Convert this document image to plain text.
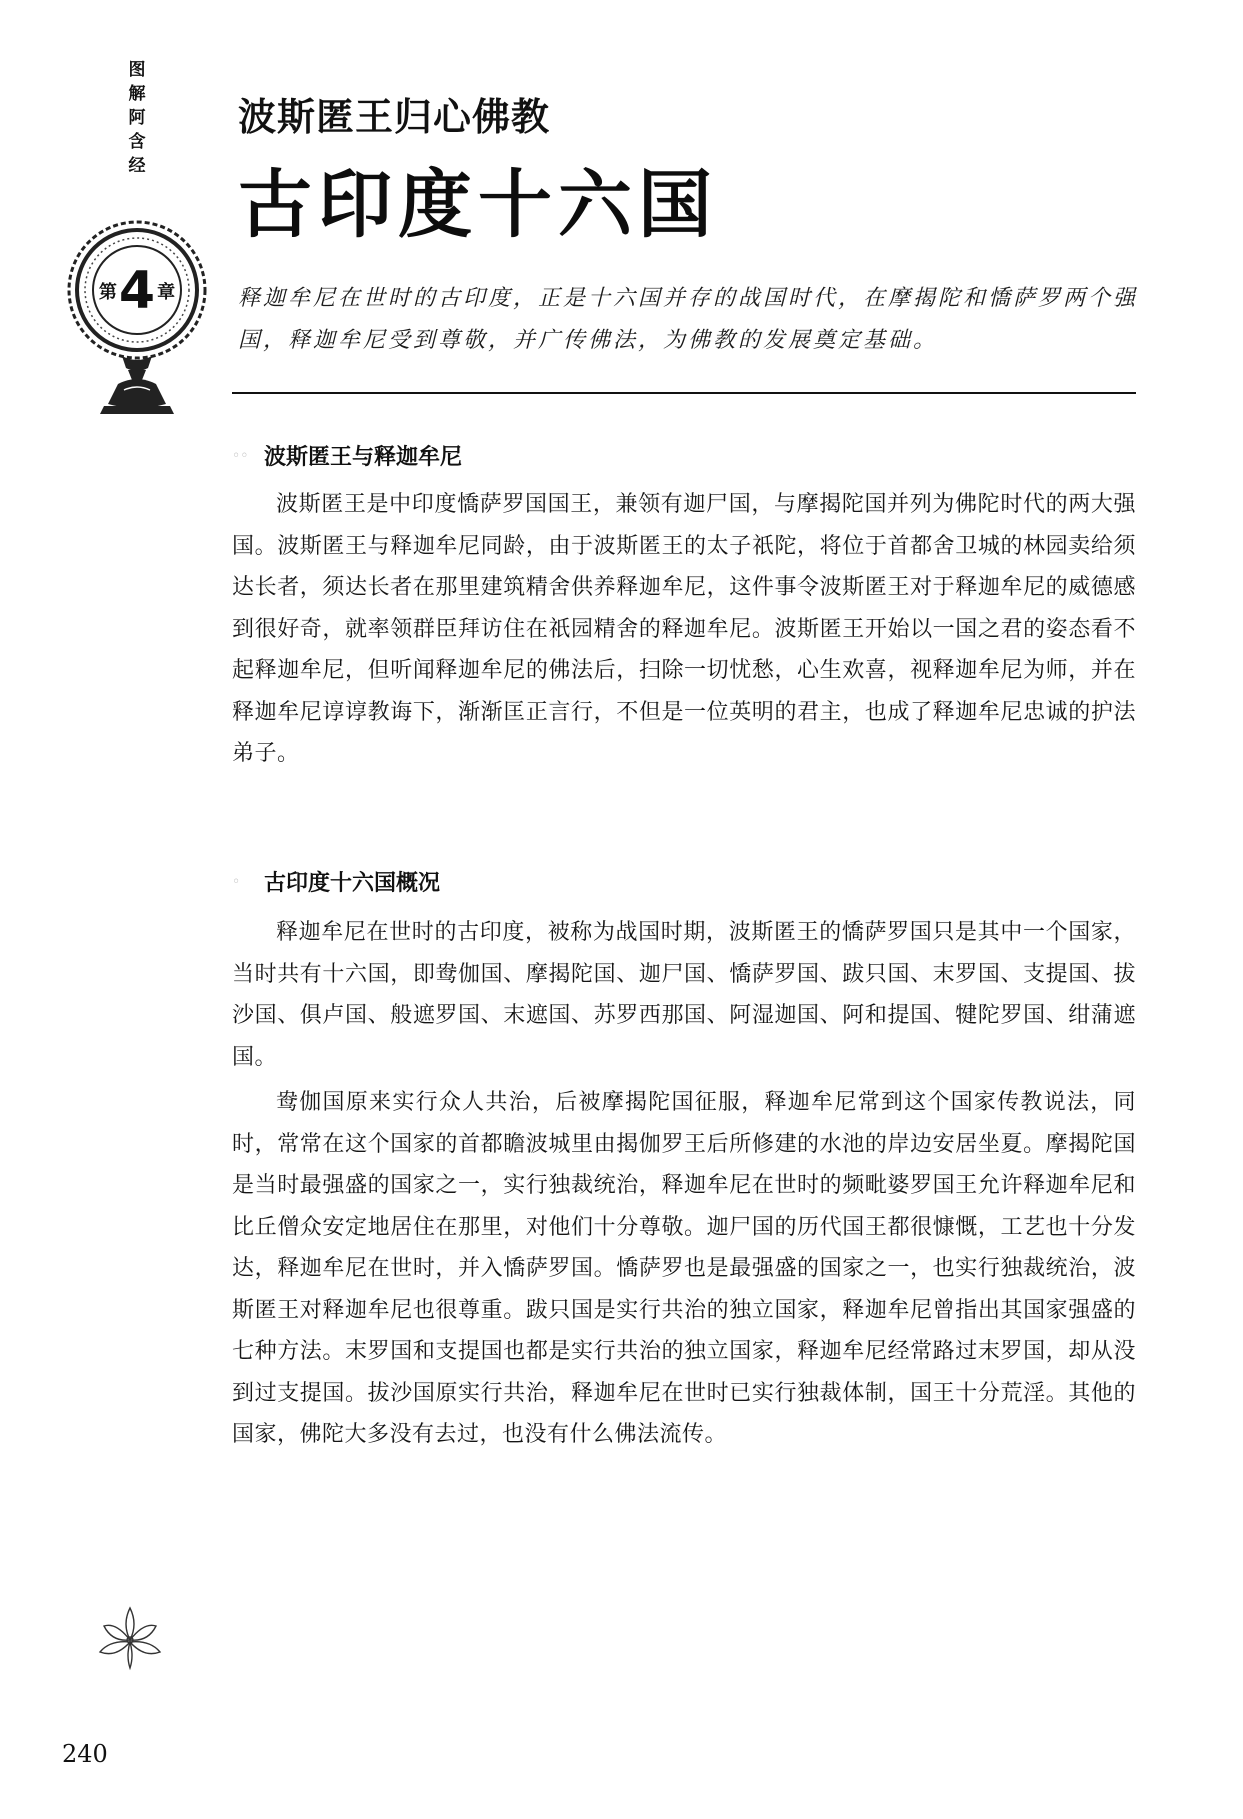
图
解
阿
含
经
第 4 章
波斯匿王归心佛教
古印度十六国
释迦牟尼在世时的古印度，正是十六国并存的战国时代，在摩揭陀和憍萨罗两个强国，释迦牟尼受到尊敬，并广传佛法，为佛教的发展奠定基础。
◦◦ 波斯匿王与释迦牟尼

波斯匿王是中印度憍萨罗国国王，兼领有迦尸国，与摩揭陀国并列为佛陀时代的两大强国。波斯匿王与释迦牟尼同龄，由于波斯匿王的太子祇陀，将位于首都舍卫城的林园卖给须达长者，须达长者在那里建筑精舍供养释迦牟尼，这件事令波斯匿王对于释迦牟尼的威德感到很好奇，就率领群臣拜访住在祇园精舍的释迦牟尼。波斯匿王开始以一国之君的姿态看不起释迦牟尼，但听闻释迦牟尼的佛法后，扫除一切忧愁，心生欢喜，视释迦牟尼为师，并在释迦牟尼谆谆教诲下，渐渐匡正言行，不但是一位英明的君主，也成了释迦牟尼忠诚的护法弟子。

◦	古印度十六国概况

释迦牟尼在世时的古印度，被称为战国时期，波斯匿王的憍萨罗国只是其中一个国家，当时共有十六国，即鸯伽国、摩揭陀国、迦尸国、憍萨罗国、跋只国、末罗国、支提国、拔沙国、俱卢国、般遮罗国、末遮国、苏罗西那国、阿湿迦国、阿和提国、犍陀罗国、绀蒲遮国。

鸯伽国原来实行众人共治，后被摩揭陀国征服，释迦牟尼常到这个国家传教说法，同时，常常在这个国家的首都瞻波城里由揭伽罗王后所修建的水池的岸边安居坐夏。摩揭陀国是当时最强盛的国家之一，实行独裁统治，释迦牟尼在世时的频毗婆罗国王允许释迦牟尼和比丘僧众安定地居住在那里，对他们十分尊敬。迦尸国的历代国王都很慷慨，工艺也十分发达，释迦牟尼在世时，并入憍萨罗国。憍萨罗也是最强盛的国家之一，也实行独裁统治，波斯匿王对释迦牟尼也很尊重。跋只国是实行共治的独立国家，释迦牟尼曾指出其国家强盛的七种方法。末罗国和支提国也都是实行共治的独立国家，释迦牟尼经常路过末罗国，却从没到过支提国。拔沙国原实行共治，释迦牟尼在世时已实行独裁体制，国王十分荒淫。其他的国家，佛陀大多没有去过，也没有什么佛法流传。

240
